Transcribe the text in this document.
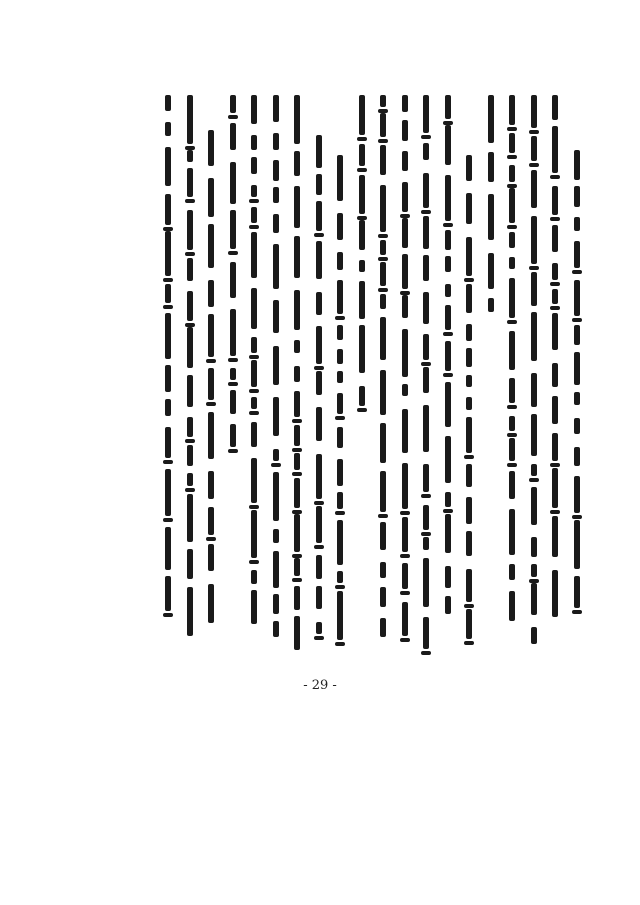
- 29 -
